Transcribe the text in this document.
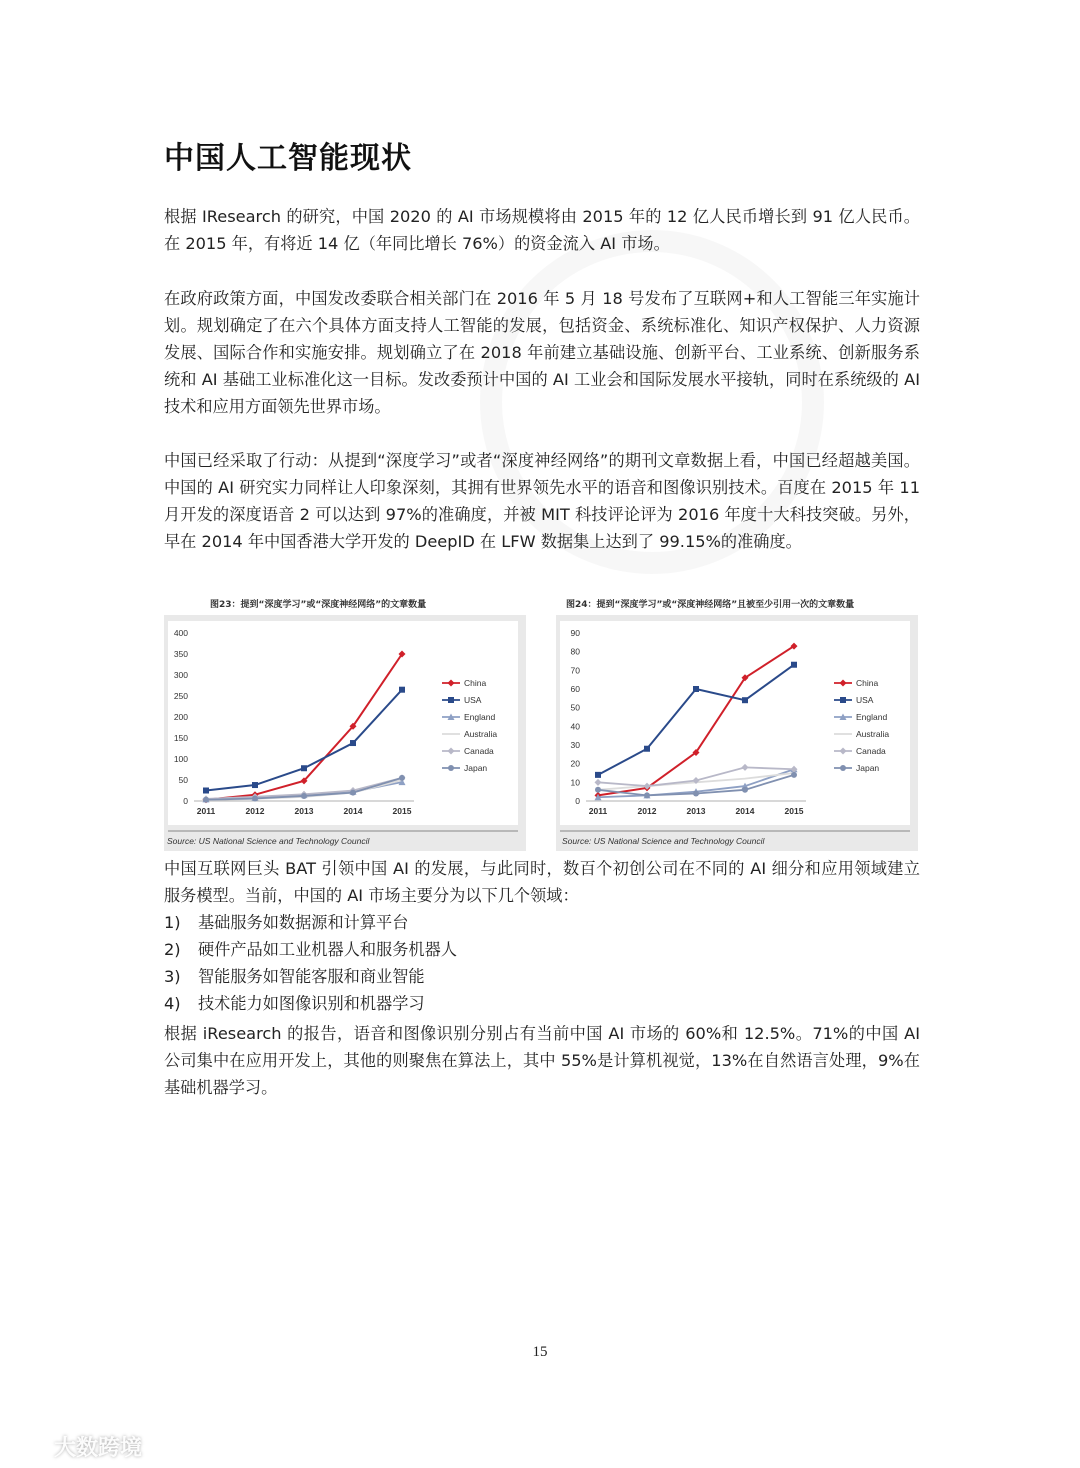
中国人工智能现状
根据 IResearch 的研究，中国 2020 的 AI 市场规模将由 2015 年的 12 亿人民币增长到 91 亿人民币。在 2015 年，有将近 14 亿（年同比增长 76%）的资金流入 AI 市场。
在政府政策方面，中国发改委联合相关部门在 2016 年 5 月 18 号发布了互联网+和人工智能三年实施计划。规划确定了在六个具体方面支持人工智能的发展，包括资金、系统标准化、知识产权保护、人力资源发展、国际合作和实施安排。规划确立了在 2018 年前建立基础设施、创新平台、工业系统、创新服务系统和 AI 基础工业标准化这一目标。发改委预计中国的 AI 工业会和国际发展水平接轨，同时在系统级的 AI 技术和应用方面领先世界市场。
中国已经采取了行动：从提到“深度学习”或者“深度神经网络”的期刊文章数据上看，中国已经超越美国。中国的 AI 研究实力同样让人印象深刻，其拥有世界领先水平的语音和图像识别技术。百度在 2015 年 11 月开发的深度语音 2 可以达到 97%的准确度，并被 MIT 科技评论评为 2016 年度十大科技突破。另外，早在 2014 年中国香港大学开发的 DeepID 在 LFW 数据集上达到了 99.15%的准确度。
图23：提到“深度学习”或“深度神经网络”的文章数量	图24：提到“深度学习”或“深度神经网络”且被至少引用一次的文章数量
0
50
100
150
200
250
300
350
400
2011	2012	2013	2014	2015
China
USA
England
Australia
Canada
Japan
0
10
20
30
40
50
60
70
80
90
2011	2012	2013	2014	2015
China
USA
England
Australia
Canada
Japan
Source: US National Science and Technology Council	Source: US National Science and Technology Council
中国互联网巨头 BAT 引领中国 AI 的发展，与此同时，数百个初创公司在不同的 AI 细分和应用领域建立服务模型。当前，中国的 AI 市场主要分为以下几个领域：
1)	基础服务如数据源和计算平台
2)	硬件产品如工业机器人和服务机器人
3)	智能服务如智能客服和商业智能
4)	技术能力如图像识别和机器学习
根据 iResearch 的报告，语音和图像识别分别占有当前中国 AI 市场的 60%和 12.5%。71%的中国 AI 公司集中在应用开发上，其他的则聚焦在算法上，其中 55%是计算机视觉，13%在自然语言处理，9%在基础机器学习。
15
大数跨境
